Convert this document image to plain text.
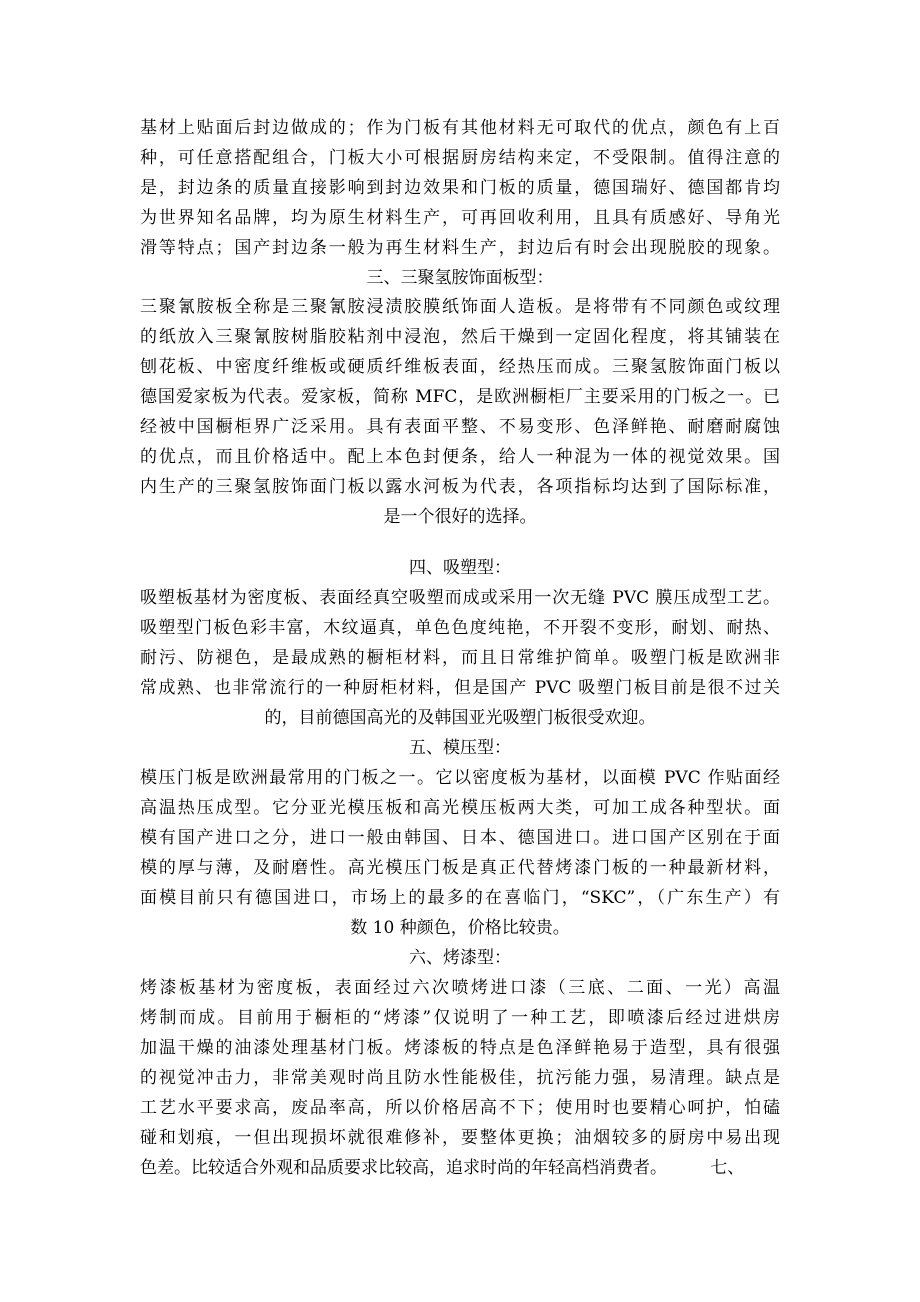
基材上贴面后封边做成的；作为门板有其他材料无可取代的优点，颜色有上百
种，可任意搭配组合，门板大小可根据厨房结构来定，不受限制。值得注意的
是，封边条的质量直接影响到封边效果和门板的质量，德国瑞好、德国都肯均
为世界知名品牌，均为原生材料生产，可再回收利用，且具有质感好、导角光
滑等特点；国产封边条一般为再生材料生产，封边后有时会出现脱胶的现象。
三、三聚氢胺饰面板型：
三聚氰胺板全称是三聚氰胺浸渍胶膜纸饰面人造板。是将带有不同颜色或纹理
的纸放入三聚氰胺树脂胶粘剂中浸泡，然后干燥到一定固化程度，将其铺装在
刨花板、中密度纤维板或硬质纤维板表面，经热压而成。三聚氢胺饰面门板以
德国爱家板为代表。爱家板，简称 MFC，是欧洲橱柜厂主要采用的门板之一。已
经被中国橱柜界广泛采用。具有表面平整、不易变形、色泽鲜艳、耐磨耐腐蚀
的优点，而且价格适中。配上本色封便条，给人一种混为一体的视觉效果。国
内生产的三聚氢胺饰面门板以露水河板为代表，各项指标均达到了国际标准，
是一个很好的选择。
四、吸塑型：
吸塑板基材为密度板、表面经真空吸塑而成或采用一次无缝 PVC 膜压成型工艺。
吸塑型门板色彩丰富，木纹逼真，单色色度纯艳，不开裂不变形，耐划、耐热、
耐污、防褪色，是最成熟的橱柜材料，而且日常维护简单。吸塑门板是欧洲非
常成熟、也非常流行的一种厨柜材料，但是国产 PVC 吸塑门板目前是很不过关
的，目前德国高光的及韩国亚光吸塑门板很受欢迎。
五、模压型：
模压门板是欧洲最常用的门板之一。它以密度板为基材，以面模 PVC 作贴面经
高温热压成型。它分亚光模压板和高光模压板两大类，可加工成各种型状。面
模有国产进口之分，进口一般由韩国、日本、德国进口。进口国产区别在于面
模的厚与薄，及耐磨性。高光模压门板是真正代替烤漆门板的一种最新材料，
面模目前只有德国进口，市场上的最多的在喜临门，“SKC”，（广东生产）有
数 10 种颜色，价格比较贵。
六、烤漆型：
烤漆板基材为密度板，表面经过六次喷烤进口漆（三底、二面、一光）高温
烤制而成。目前用于橱柜的“烤漆”仅说明了一种工艺，即喷漆后经过进烘房
加温干燥的油漆处理基材门板。烤漆板的特点是色泽鲜艳易于造型，具有很强
的视觉冲击力，非常美观时尚且防水性能极佳，抗污能力强，易清理。缺点是
工艺水平要求高，废品率高，所以价格居高不下；使用时也要精心呵护，怕磕
碰和划痕，一但出现损坏就很难修补，要整体更换；油烟较多的厨房中易出现
色差。比较适合外观和品质要求比较高，追求时尚的年轻高档消费者。        七、
